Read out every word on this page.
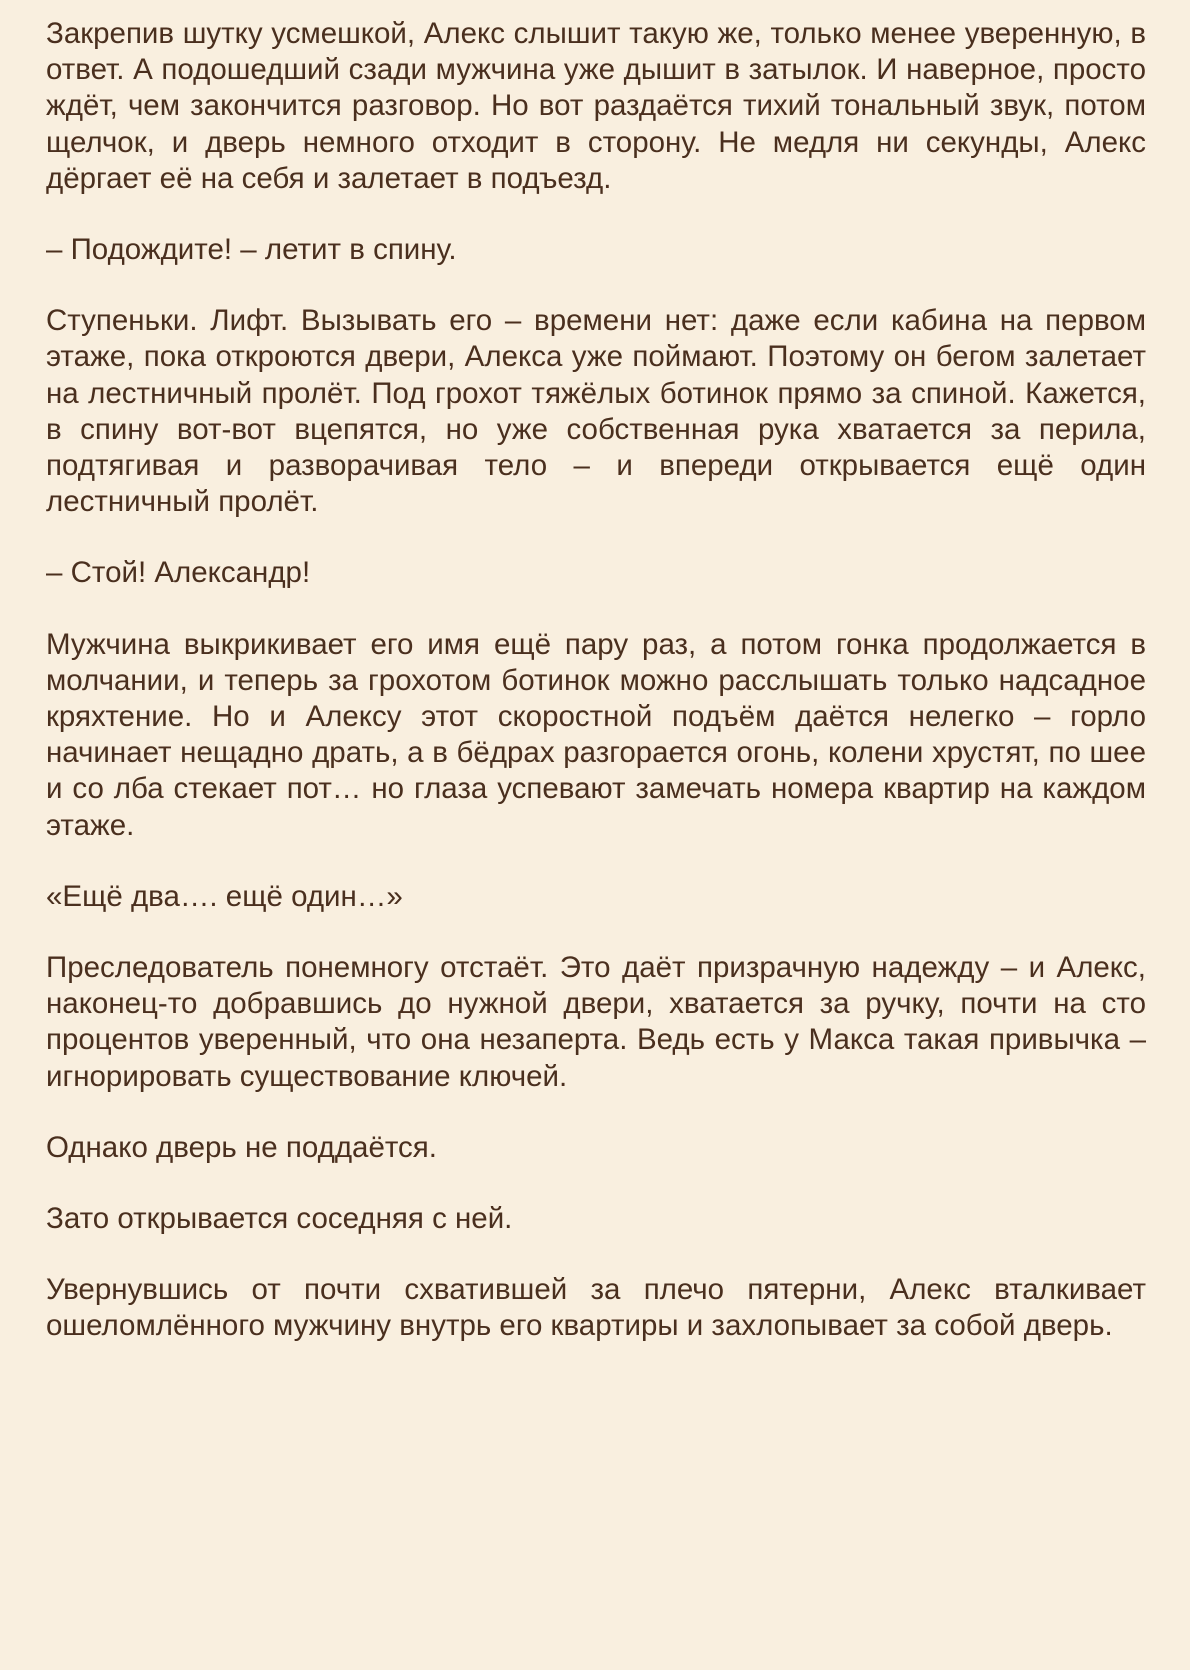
Закрепив шутку усмешкой, Алекс слышит такую же, только менее уверенную, в ответ. А подошедший сзади мужчина уже дышит в затылок. И наверное, просто ждёт, чем закончится разговор. Но вот раздаётся тихий тональный звук, потом щелчок, и дверь немного отходит в сторону. Не медля ни секунды, Алекс дёргает её на себя и залетает в подъезд.

– Подождите! – летит в спину.

Ступеньки. Лифт. Вызывать его – времени нет: даже если кабина на первом этаже, пока откроются двери, Алекса уже поймают. Поэтому он бегом залетает на лестничный пролёт. Под грохот тяжёлых ботинок прямо за спиной. Кажется, в спину вот-вот вцепятся, но уже собственная рука хватается за перила, подтягивая и разворачивая тело – и впереди открывается ещё один лестничный пролёт.

– Стой! Александр!

Мужчина выкрикивает его имя ещё пару раз, а потом гонка продолжается в молчании, и теперь за грохотом ботинок можно расслышать только надсадное кряхтение. Но и Алексу этот скоростной подъём даётся нелегко – горло начинает нещадно драть, а в бёдрах разгорается огонь, колени хрустят, по шее и со лба стекает пот… но глаза успевают замечать номера квартир на каждом этаже.

«Ещё два…. ещё один…»

Преследователь понемногу отстаёт. Это даёт призрачную надежду – и Алекс, наконец-то добравшись до нужной двери, хватается за ручку, почти на сто процентов уверенный, что она незаперта. Ведь есть у Макса такая привычка – игнорировать существование ключей.

Однако дверь не поддаётся.

Зато открывается соседняя с ней.

Увернувшись от почти схватившей за плечо пятерни, Алекс вталкивает ошеломлённого мужчину внутрь его квартиры и захлопывает за собой дверь.
